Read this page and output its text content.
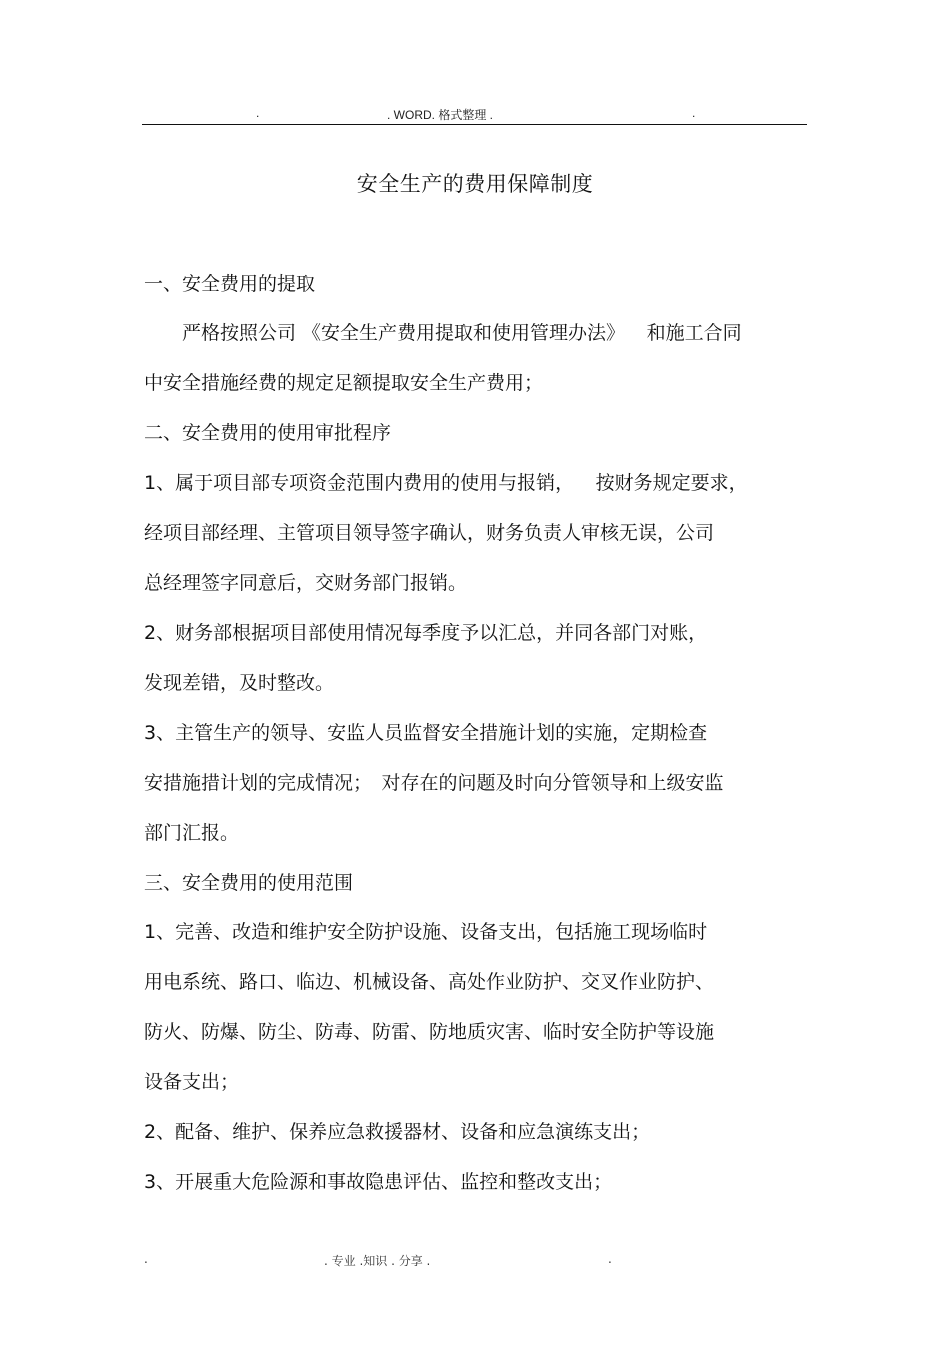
.	. WORD. 格式整理 .	.
安全生产的费用保障制度
一、安全费用的提取
　　严格按照公司 《安全生产费用提取和使用管理办法》　  和施工合同
中安全措施经费的规定足额提取安全生产费用；
二、安全费用的使用审批程序
1、属于项目部专项资金范围内费用的使用与报销，　  按财务规定要求，
经项目部经理、主管项目领导签字确认，财务负责人审核无误，公司
总经理签字同意后，交财务部门报销。
2、财务部根据项目部使用情况每季度予以汇总，并同各部门对账，
发现差错，及时整改。
3、主管生产的领导、安监人员监督安全措施计划的实施，定期检查
安措施措计划的完成情况；　对存在的问题及时向分管领导和上级安监
部门汇报。
三、安全费用的使用范围
1、完善、改造和维护安全防护设施、设备支出，包括施工现场临时
用电系统、路口、临边、机械设备、高处作业防护、交叉作业防护、
防火、防爆、防尘、防毒、防雷、防地质灾害、临时安全防护等设施
设备支出；
2、配备、维护、保养应急救援器材、设备和应急演练支出；
3、开展重大危险源和事故隐患评估、监控和整改支出；
.	. 专业 .知识 . 分享 .	.
